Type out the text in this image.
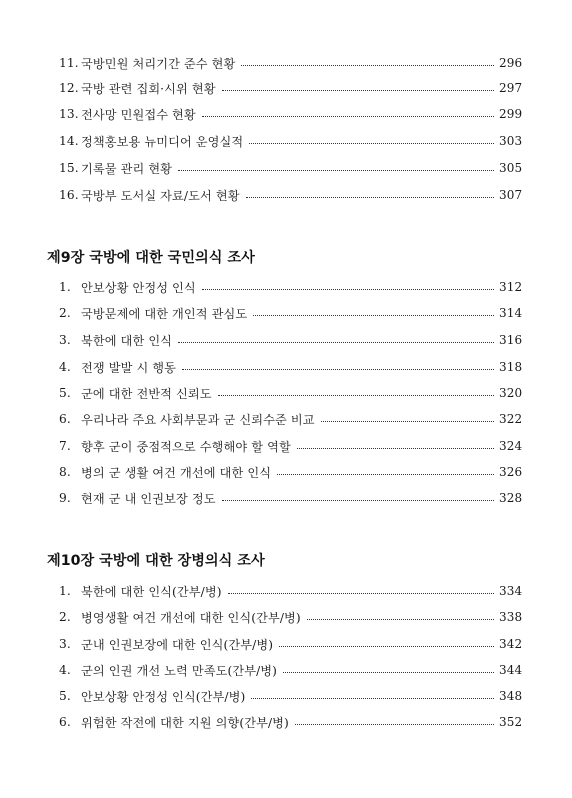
11. 국방민원 처리기간 준수 현황	296
12. 국방 관련 집회·시위 현황	297
13. 전사망 민원접수 현황	299
14. 정책홍보용 뉴미디어 운영실적	303
15. 기록물 관리 현황	305
16. 국방부 도서실 자료/도서 현황	307
제9장 국방에 대한 국민의식 조사
1. 안보상황 안정성 인식	312
2. 국방문제에 대한 개인적 관심도	314
3. 북한에 대한 인식	316
4. 전쟁 발발 시 행동	318
5. 군에 대한 전반적 신뢰도	320
6. 우리나라 주요 사회부문과 군 신뢰수준 비교	322
7. 향후 군이 중점적으로 수행해야 할 역할	324
8. 병의 군 생활 여건 개선에 대한 인식	326
9. 현재 군 내 인권보장 정도	328
제10장 국방에 대한 장병의식 조사
1. 북한에 대한 인식(간부/병)	334
2. 병영생활 여건 개선에 대한 인식(간부/병)	338
3. 군내 인권보장에 대한 인식(간부/병)	342
4. 군의 인권 개선 노력 만족도(간부/병)	344
5. 안보상황 안정성 인식(간부/병)	348
6. 위험한 작전에 대한 지원 의향(간부/병)	352
